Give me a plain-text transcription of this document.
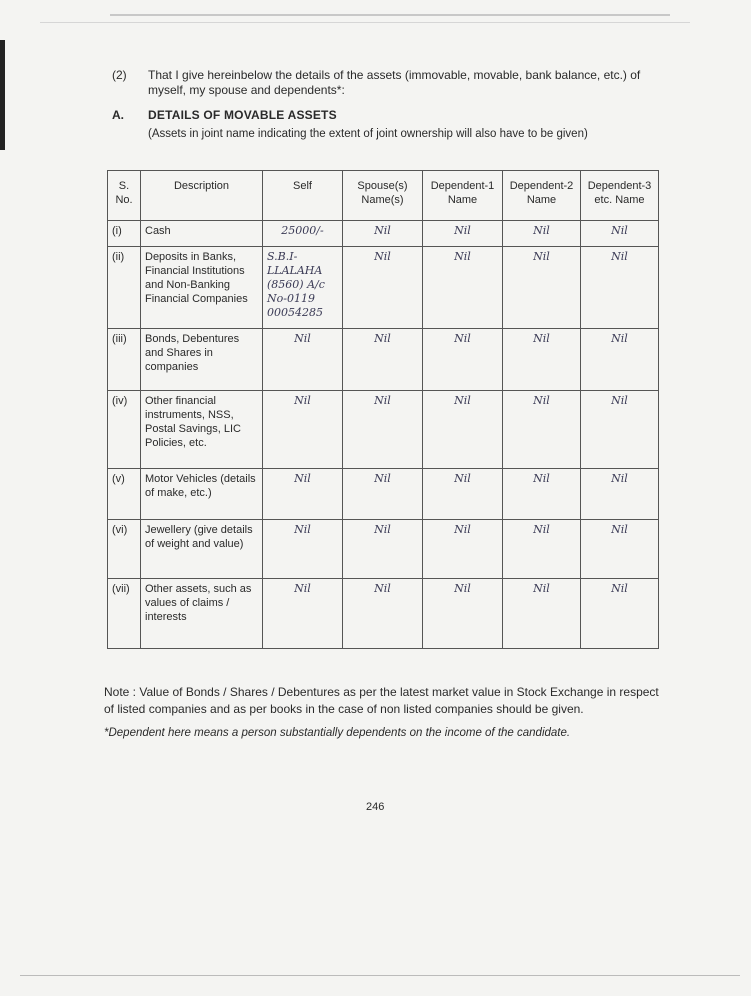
(2) That I give hereinbelow the details of the assets (immovable, movable, bank balance, etc.) of myself, my spouse and dependents*:
A. DETAILS OF MOVABLE ASSETS
(Assets in joint name indicating the extent of joint ownership will also have to be given)
S. No.	Description	Self	Spouse(s) Name(s)	Dependent-1 Name	Dependent-2 Name	Dependent-3 etc. Name
(i)	Cash	25000/-	Nil	Nil	Nil	Nil
(ii)	Deposits in Banks, Financial Institutions and Non-Banking Financial Companies	S.B.I- LLALAHA (8560) A/c No-0119 00054285	Nil	Nil	Nil	Nil
(iii)	Bonds, Debentures and Shares in companies	Nil	Nil	Nil	Nil	Nil
(iv)	Other financial instruments, NSS, Postal Savings, LIC Policies, etc.	Nil	Nil	Nil	Nil	Nil
(v)	Motor Vehicles (details of make, etc.)	Nil	Nil	Nil	Nil	Nil
(vi)	Jewellery (give details of weight and value)	Nil	Nil	Nil	Nil	Nil
(vii)	Other assets, such as values of claims / interests	Nil	Nil	Nil	Nil	Nil
Note : Value of Bonds / Shares / Debentures as per the latest market value in Stock Exchange in respect of listed companies and as per books in the case of non listed companies should be given.
*Dependent here means a person substantially dependents on the income of the candidate.
246
